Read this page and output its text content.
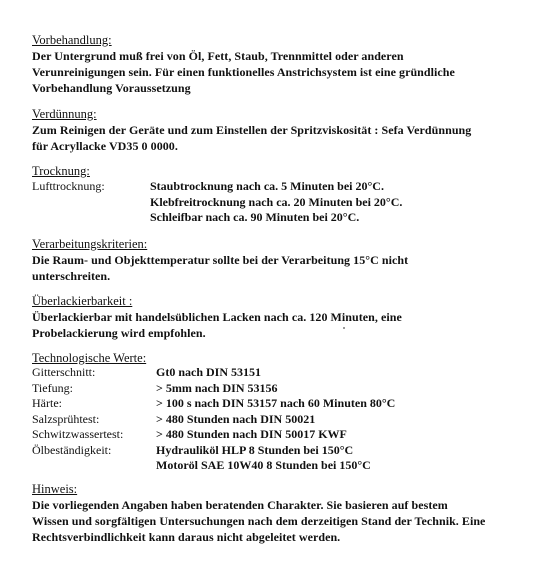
Vorbehandlung:
Der Untergrund muß frei von Öl, Fett, Staub, Trennmittel oder anderen
Verunreinigungen sein. Für einen funktionelles Anstrichsystem ist eine gründliche
Vorbehandlung Voraussetzung
Verdünnung:
Zum Reinigen der Geräte und zum Einstellen der Spritzviskosität : Sefa Verdünnung
für Acryllacke VD35 0 0000.
Trocknung:
Lufttrocknung:	Staubtrocknung nach ca. 5 Minuten bei 20°C.
Klebfreitrocknung nach ca. 20 Minuten bei 20°C.
Schleifbar nach ca. 90 Minuten bei 20°C.
Verarbeitungskriterien:
Die Raum- und Objekttemperatur sollte bei der Verarbeitung 15°C nicht
unterschreiten.
Überlackierbarkeit :
Überlackierbar mit handelsüblichen Lacken nach ca. 120 Minuten, eine
Probelackierung wird empfohlen.
Technologische Werte:
Gitterschnitt:	Gt0 nach DIN 53151
Tiefung:	> 5mm nach DIN 53156
Härte:	> 100 s nach DIN 53157 nach 60 Minuten 80°C
Salzsprühtest:	> 480 Stunden nach DIN 50021
Schwitzwassertest:	> 480 Stunden nach DIN 50017 KWF
Ölbeständigkeit:	Hydrauliköl HLP 8 Stunden bei 150°C
Motoröl SAE 10W40 8 Stunden bei 150°C
Hinweis:
Die vorliegenden Angaben haben beratenden Charakter. Sie basieren auf bestem
Wissen und sorgfältigen Untersuchungen nach dem derzeitigen Stand der Technik. Eine
Rechtsverbindlichkeit kann daraus nicht abgeleitet werden.
